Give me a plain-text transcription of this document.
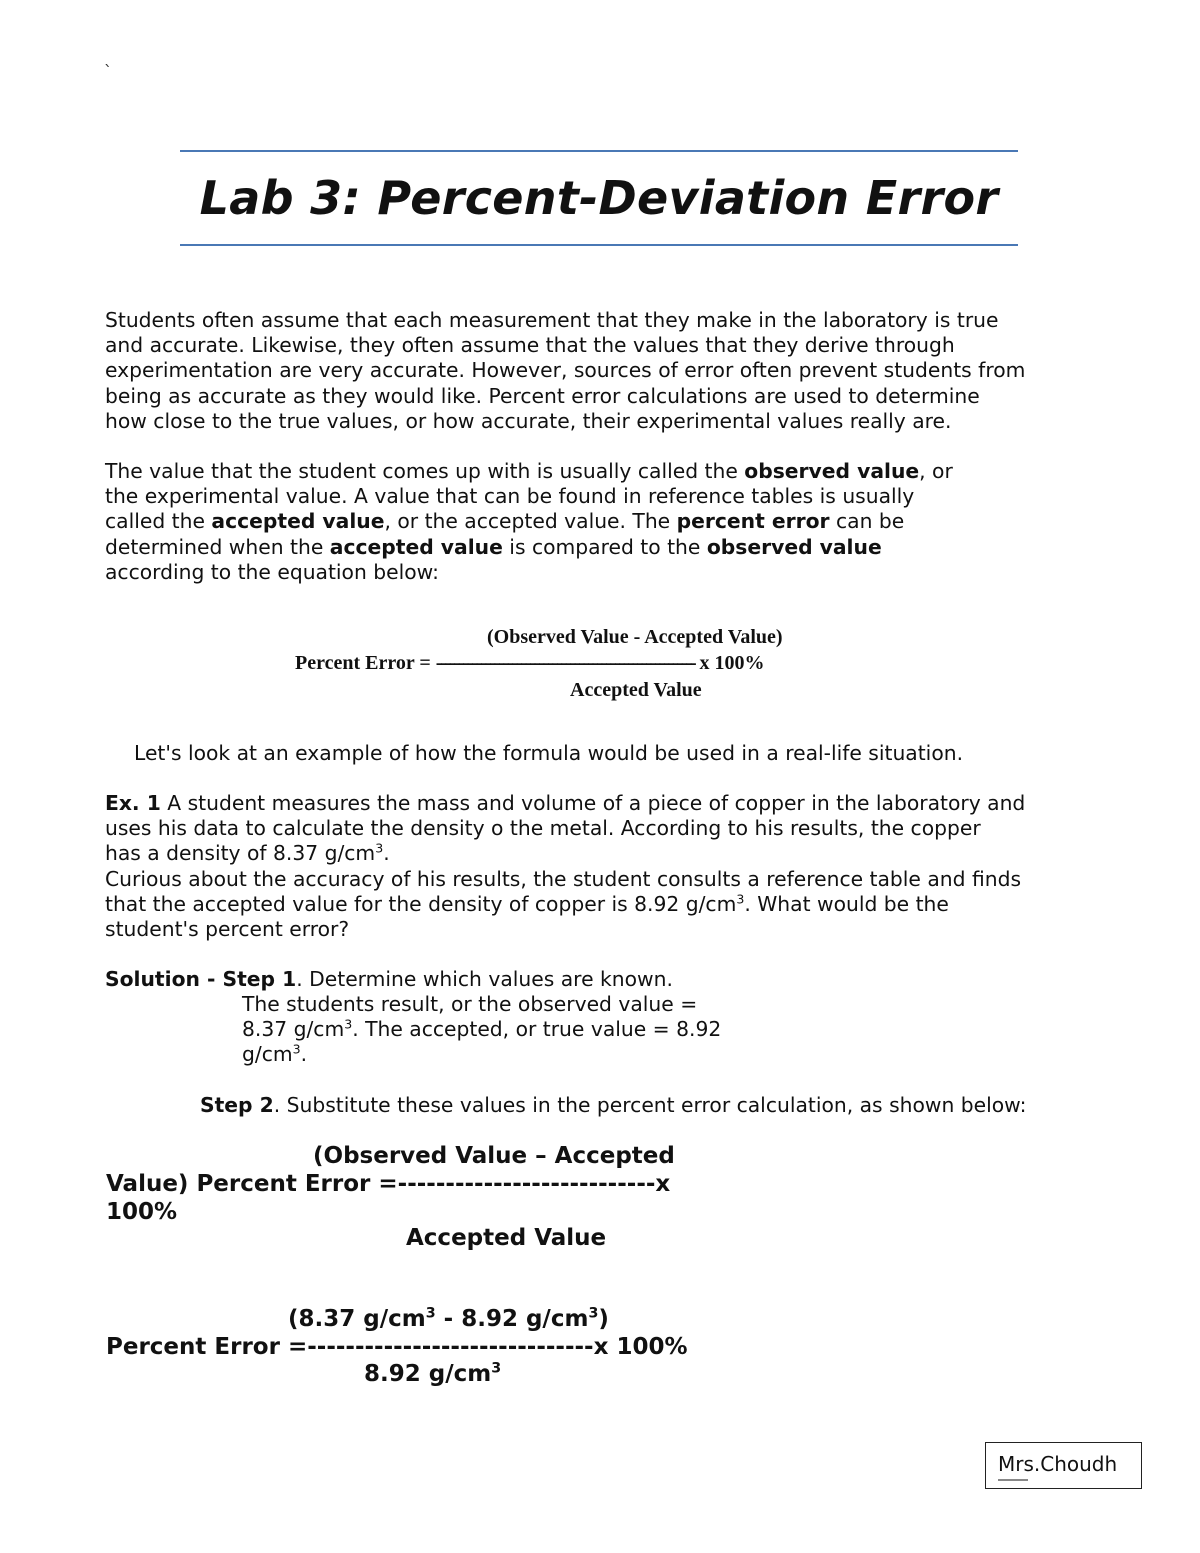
`
Lab 3: Percent-Deviation Error
Students often assume that each measurement that they make in the laboratory is true
and accurate. Likewise, they often assume that the values that they derive through
experimentation are very accurate. However, sources of error often prevent students from
being as accurate as they would like. Percent error calculations are used to determine
how close to the true values, or how accurate, their experimental values really are.
The value that the student comes up with is usually called the observed value, or
the experimental value. A value that can be found in reference tables is usually
called the accepted value, or the accepted value. The percent error can be
determined when the accepted value is compared to the observed value
according to the equation below:
(Observed Value - Accepted Value)
Percent Error = ---------------------------------------------------------- x 100%
Accepted Value
Let's look at an example of how the formula would be used in a real-life situation.
Ex. 1 A student measures the mass and volume of a piece of copper in the laboratory and
uses his data to calculate the density o the metal. According to his results, the copper
has a density of 8.37 $g/cm^3$.
Curious about the accuracy of his results, the student consults a reference table and finds
that the accepted value for the density of copper is 8.92 $g/cm^3$. What would be the
student's percent error?
Solution - Step 1. Determine which values are known.
The students result, or the observed value =
8.37 $g/cm^3$. The accepted, or true value = 8.92
$g/cm^3$.
Step 2. Substitute these values in the percent error calculation, as shown below:
(Observed Value – Accepted
Value) Percent Error =---------------------------x
100%
Accepted Value
(8.37 $g/cm^3 - 8.92$ $g/cm^3$)
Percent Error =------------------------------x 100%
8.92 $g/cm^3$
Mrs.Choudh
